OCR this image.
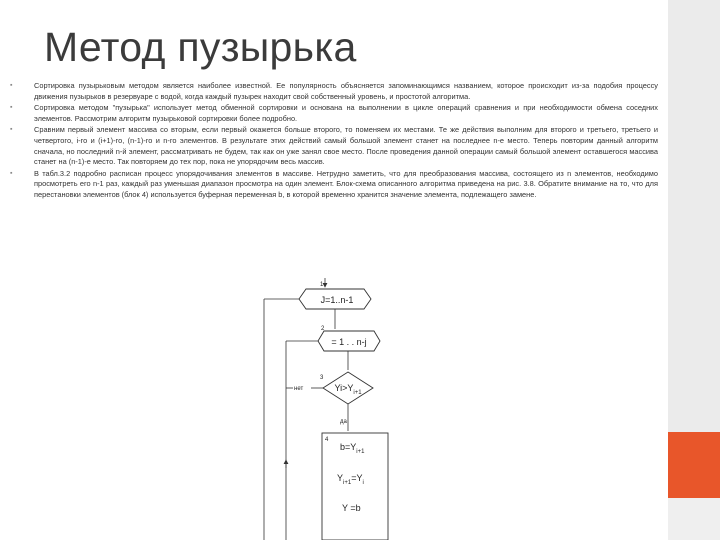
Метод пузырька
▪	Сортировка пузырьковым методом является наиболее известной. Ее популярность объясняется запоминающимся названием, которое происходит из-за подобия процессу движения пузырьков в резервуаре с водой, когда каждый пузырек находит свой собственный уровень, и простотой алгоритма.
▪	Сортировка методом "пузырька" использует метод обменной сортировки и основана на выполнении в цикле операций сравнения и при необходимости обмена соседних элементов. Рассмотрим алгоритм пузырьковой сортировки более подробно.
▪	Сравним первый элемент массива со вторым, если первый окажется больше второго, то поменяем их местами. Те же действия выполним для второго и третьего, третьего и четвертого, i-го и (i+1)-го, (n-1)-го и n-го элементов. В результате этих действий самый большой элемент станет на последнее n-е место. Теперь повторим данный алгоритм сначала, но последний n-й элемент, рассматривать не будем, так как он уже занял свое место. После проведения данной операции самый большой элемент оставшегося массива станет на (n-1)-е место. Так повторяем до тех пор, пока не упорядочим весь массив.
▪	В табл.3.2 подробно расписан процесс упорядочивания элементов в массиве. Нетрудно заметить, что для преобразования массива, состоящего из n элементов, необходимо просмотреть его n-1 раз, каждый раз уменьшая диапазон просмотра на один элемент. Блок-схема описанного алгоритма приведена на рис. 3.8. Обратите внимание на то, что для перестановки элементов (блок 4) используется буферная переменная b, в которой временно хранится значение элемента, подлежащего замене.
1
J=1..n-1
2
= 1 . . n-j
3
$Yi>Y_{i+1}$
нет
да
4
$b=Y_{i+1}$
$Y_{i+1}=Y_i$
Y =b
